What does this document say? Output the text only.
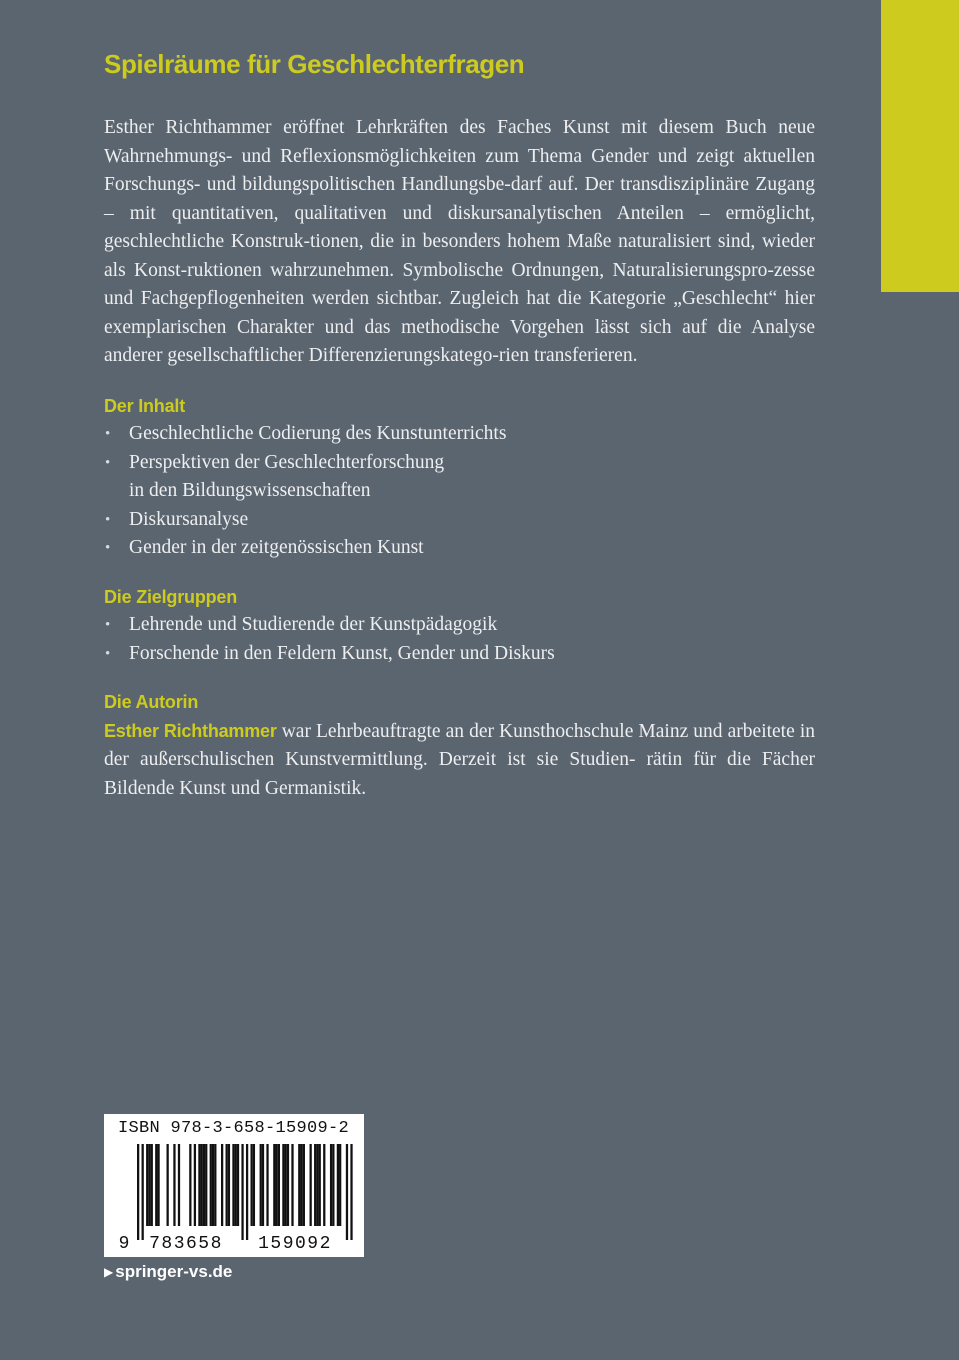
Spielräume für Geschlechterfragen
Esther Richthammer eröffnet Lehrkräften des Faches Kunst mit diesem Buch neue Wahrnehmungs- und Reflexionsmöglichkeiten zum Thema Gender und zeigt aktuellen Forschungs- und bildungspolitischen Handlungsbe-darf auf. Der transdisziplinäre Zugang – mit quantitativen, qualitativen und diskursanalytischen Anteilen – ermöglicht, geschlechtliche Konstruk-tionen, die in besonders hohem Maße naturalisiert sind, wieder als Konst-ruktionen wahrzunehmen. Symbolische Ordnungen, Naturalisierungspro-zesse und Fachgepflogenheiten werden sichtbar. Zugleich hat die Kategorie „Geschlecht“ hier exemplarischen Charakter und das methodische Vorgehen lässt sich auf die Analyse anderer gesellschaftlicher Differenzierungskatego-rien transferieren.
Der Inhalt
• Geschlechtliche Codierung des Kunstunterrichts
• Perspektiven der Geschlechterforschung
in den Bildungswissenschaften
• Diskursanalyse
• Gender in der zeitgenössischen Kunst
Die Zielgruppen
• Lehrende und Studierende der Kunstpädagogik
• Forschende in den Feldern Kunst, Gender und Diskurs
Die Autorin

Esther Richthammer war Lehrbeauftragte an der Kunsthochschule Mainz und arbeitete in der außerschulischen Kunstvermittlung. Derzeit ist sie Studien- rätin für die Fächer Bildende Kunst und Germanistik.

ISBN 978-3-658-15909-2
9 783658 159092
▶ springer-vs.de
